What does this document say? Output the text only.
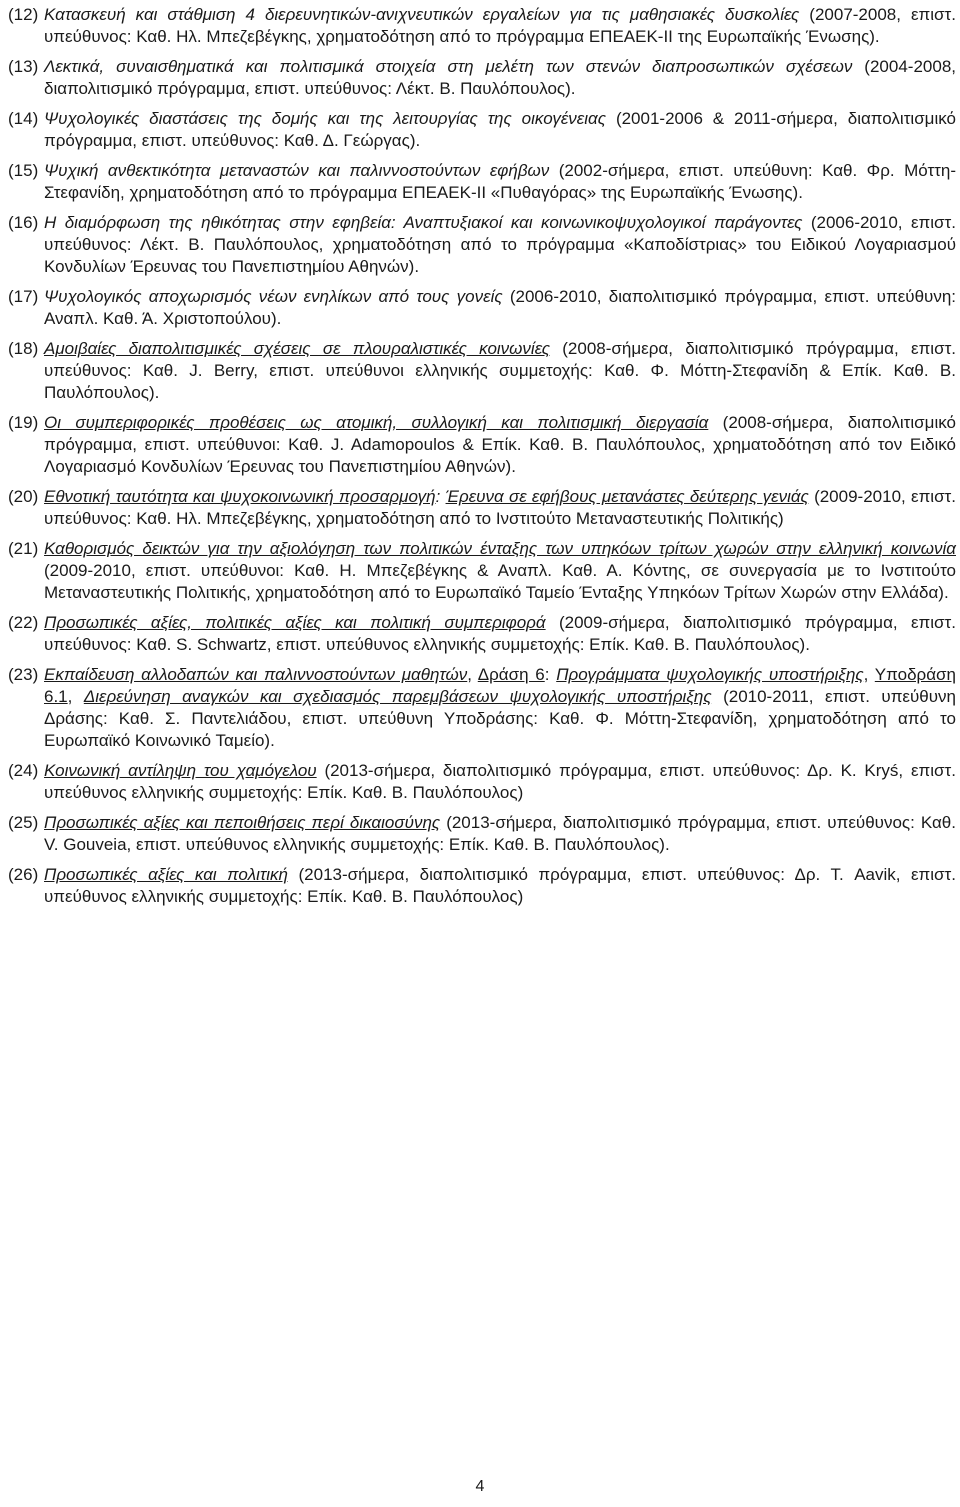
(12) Κατασκευή και στάθμιση 4 διερευνητικών-ανιχνευτικών εργαλείων για τις μαθησιακές δυσκολίες (2007-2008, επιστ. υπεύθυνος: Καθ. Ηλ. Μπεζεβέγκης, χρηματοδότηση από το πρόγραμμα ΕΠΕΑΕΚ-ΙΙ της Ευρωπαϊκής Ένωσης).
(13) Λεκτικά, συναισθηματικά και πολιτισμικά στοιχεία στη μελέτη των στενών διαπροσωπικών σχέσεων (2004-2008, διαπολιτισμικό πρόγραμμα, επιστ. υπεύθυνος: Λέκτ. Β. Παυλόπουλος).
(14) Ψυχολογικές διαστάσεις της δομής και της λειτουργίας της οικογένειας (2001-2006 & 2011-σήμερα, διαπολιτισμικό πρόγραμμα, επιστ. υπεύθυνος: Καθ. Δ. Γεώργας).
(15) Ψυχική ανθεκτικότητα μεταναστών και παλιννοστούντων εφήβων (2002-σήμερα, επιστ. υπεύθυνη: Καθ. Φρ. Μόττη-Στεφανίδη, χρηματοδότηση από το πρόγραμμα ΕΠΕΑΕΚ-ΙΙ «Πυθαγόρας» της Ευρωπαϊκής Ένωσης).
(16) Η διαμόρφωση της ηθικότητας στην εφηβεία: Αναπτυξιακοί και κοινωνικοψυχολογικοί παράγοντες (2006-2010, επιστ. υπεύθυνος: Λέκτ. Β. Παυλόπουλος, χρηματοδότηση από το πρόγραμμα «Καποδίστριας» του Ειδικού Λογαριασμού Κονδυλίων Έρευνας του Πανεπιστημίου Αθηνών).
(17) Ψυχολογικός αποχωρισμός νέων ενηλίκων από τους γονείς (2006-2010, διαπολιτισμικό πρόγραμμα, επιστ. υπεύθυνη: Αναπλ. Καθ. Ά. Χριστοπούλου).
(18) Αμοιβαίες διαπολιτισμικές σχέσεις σε πλουραλιστικές κοινωνίες (2008-σήμερα, διαπολιτισμικό πρόγραμμα, επιστ. υπεύθυνος: Καθ. J. Berry, επιστ. υπεύθυνοι ελληνικής συμμετοχής: Καθ. Φ. Μόττη-Στεφανίδη & Επίκ. Καθ. Β. Παυλόπουλος).
(19) Οι συμπεριφορικές προθέσεις ως ατομική, συλλογική και πολιτισμική διεργασία (2008-σήμερα, διαπολιτισμικό πρόγραμμα, επιστ. υπεύθυνοι: Καθ. J. Adamopoulos & Επίκ. Καθ. Β. Παυλόπουλος, χρηματοδότηση από τον Ειδικό Λογαριασμό Κονδυλίων Έρευνας του Πανεπιστημίου Αθηνών).
(20) Εθνοτική ταυτότητα και ψυχοκοινωνική προσαρμογή: Έρευνα σε εφήβους μετανάστες δεύτερης γενιάς (2009-2010, επιστ. υπεύθυνος: Καθ. Ηλ. Μπεζεβέγκης, χρηματοδότηση από το Ινστιτούτο Μεταναστευτικής Πολιτικής)
(21) Καθορισμός δεικτών για την αξιολόγηση των πολιτικών ένταξης των υπηκόων τρίτων χωρών στην ελληνική κοινωνία (2009-2010, επιστ. υπεύθυνοι: Καθ. Η. Μπεζεβέγκης & Αναπλ. Καθ. Α. Κόντης, σε συνεργασία με το Ινστιτούτο Μεταναστευτικής Πολιτικής, χρηματοδότηση από το Ευρωπαϊκό Ταμείο Ένταξης Υπηκόων Τρίτων Χωρών στην Ελλάδα).
(22) Προσωπικές αξίες, πολιτικές αξίες και πολιτική συμπεριφορά (2009-σήμερα, διαπολιτισμικό πρόγραμμα, επιστ. υπεύθυνος: Καθ. S. Schwartz, επιστ. υπεύθυνος ελληνικής συμμετοχής: Επίκ. Καθ. Β. Παυλόπουλος).
(23) Εκπαίδευση αλλοδαπών και παλιννοστούντων μαθητών, Δράση 6: Προγράμματα ψυχολογικής υποστήριξης, Υποδράση 6.1, Διερεύνηση αναγκών και σχεδιασμός παρεμβάσεων ψυχολογικής υποστήριξης (2010-2011, επιστ. υπεύθυνη Δράσης: Καθ. Σ. Παντελιάδου, επιστ. υπεύθυνη Υποδράσης: Καθ. Φ. Μόττη-Στεφανίδη, χρηματοδότηση από το Ευρωπαϊκό Κοινωνικό Ταμείο).
(24) Κοινωνική αντίληψη του χαμόγελου (2013-σήμερα, διαπολιτισμικό πρόγραμμα, επιστ. υπεύθυνος: Δρ. Κ. Kryś, επιστ. υπεύθυνος ελληνικής συμμετοχής: Επίκ. Καθ. Β. Παυλόπουλος)
(25) Προσωπικές αξίες και πεποιθήσεις περί δικαιοσύνης (2013-σήμερα, διαπολιτισμικό πρόγραμμα, επιστ. υπεύθυνος: Καθ. V. Gouveia, επιστ. υπεύθυνος ελληνικής συμμετοχής: Επίκ. Καθ. Β. Παυλόπουλος).
(26) Προσωπικές αξίες και πολιτική (2013-σήμερα, διαπολιτισμικό πρόγραμμα, επιστ. υπεύθυνος: Δρ. Τ. Aavik, επιστ. υπεύθυνος ελληνικής συμμετοχής: Επίκ. Καθ. Β. Παυλόπουλος)
4
